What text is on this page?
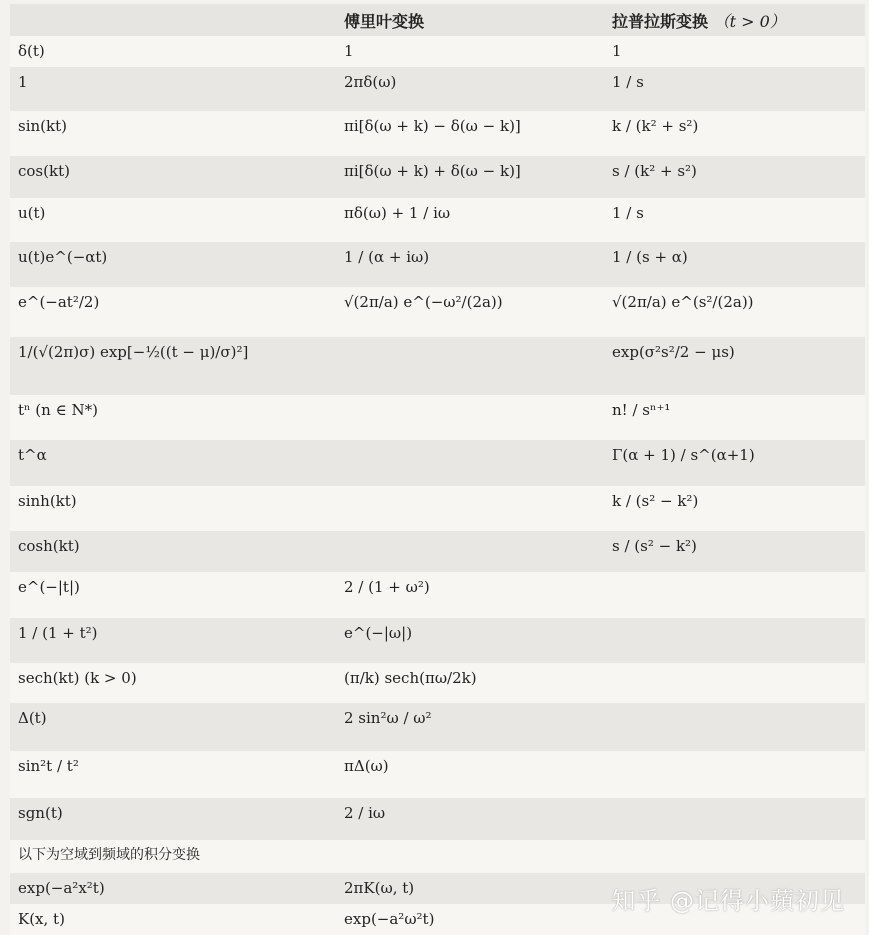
	傅里叶变换	拉普拉斯变换 （t > 0）
δ(t)	1	1
1	2πδ(ω)	1 / s
sin(kt)	πi[δ(ω + k) − δ(ω − k)]	k / (k² + s²)
cos(kt)	πi[δ(ω + k) + δ(ω − k)]	s / (k² + s²)
u(t)	πδ(ω) + 1 / iω	1 / s
u(t)e^(−αt)	1 / (α + iω)	1 / (s + α)
e^(−at²/2)	√(2π/a) e^(−ω²/(2a))	√(2π/a) e^(s²/(2a))
1/(√(2π)σ) exp[−½((t − μ)/σ)²]		exp(σ²s²/2 − μs)
tⁿ (n ∈ N*)		n! / sⁿ⁺¹
t^α		Γ(α + 1) / s^(α+1)
sinh(kt)		k / (s² − k²)
cosh(kt)		s / (s² − k²)
e^(−|t|)	2 / (1 + ω²)	
1 / (1 + t²)	e^(−|ω|)	
sech(kt) (k > 0)	(π/k) sech(πω/2k)	
Δ(t)	2 sin²ω / ω²	
sin²t / t²	πΔ(ω)	
sgn(t)	2 / iω	
以下为空域到频域的积分变换		
exp(−a²x²t)	2πK(ω, t)	
K(x, t)	exp(−a²ω²t)	
知乎 @记得小蘋初见
